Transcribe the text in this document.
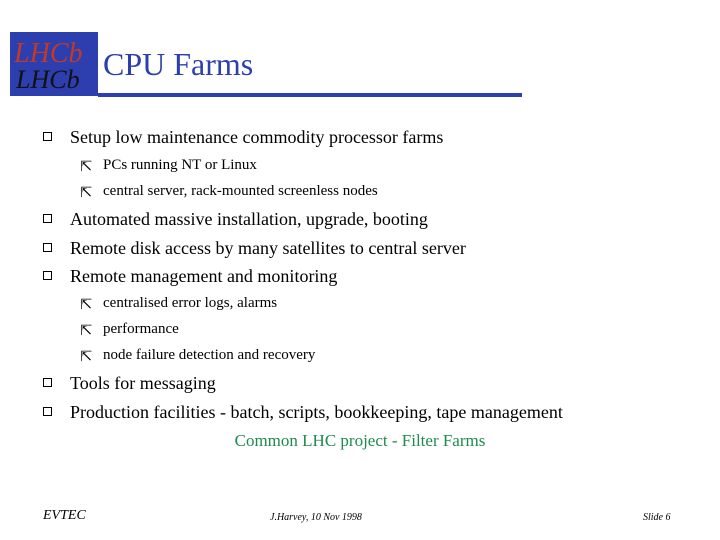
LHCb
LHCb CPU Farms
Setup low maintenance commodity processor farms
⇱ PCs running NT or Linux
⇱ central server, rack-mounted screenless nodes
Automated massive installation, upgrade, booting
Remote disk access by many satellites to central server
Remote management and monitoring
⇱ centralised error logs, alarms
⇱ performance
⇱ node failure detection and recovery
Tools for messaging
Production facilities - batch, scripts, bookkeeping, tape management
Common LHC project - Filter Farms
EVTEC	J.Harvey, 10 Nov 1998	Slide 6
